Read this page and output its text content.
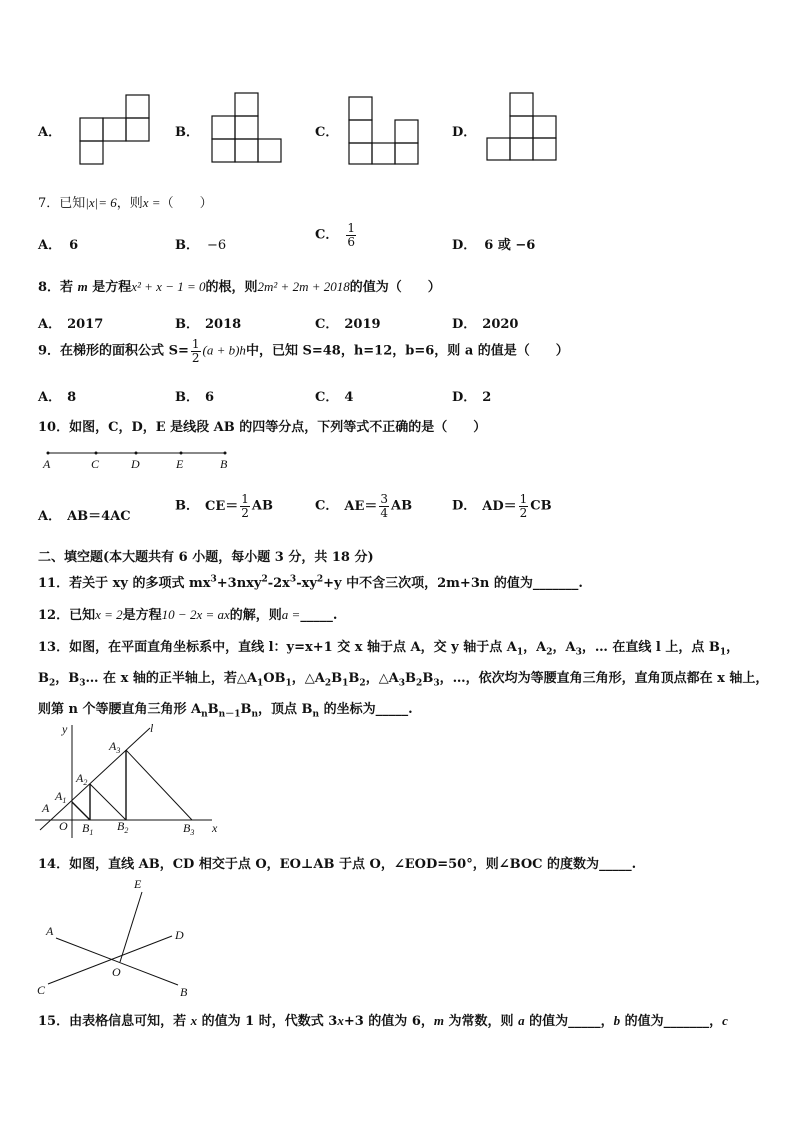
A．	B．	C．	D．
7．已知|x|= 6，则x =（　　）
A． 6	B． −6
C． $\frac{1}{6}$	D． 6 或 −6
8．若 m 是方程x² + x − 1 = 0的根，则2m² + 2m + 2018的值为（　　）
A． 2017	B． 2018	C． 2019	D． 2020
9．在梯形的面积公式 $S= \frac{1}{2} (a + b)h$中，已知 S=48，h=12，b=6，则 a 的值是（　　）
A． 8	B． 6	C． 4	D． 2
10．如图，C，D，E 是线段 AB 的四等分点，下列等式不正确的是（　　）
A	C	D	E	B
A． AB＝4AC
B． $CE= \frac{1}{2}$ AB	C． $AE= \frac{3}{4}$ AB	D． $AD= \frac{1}{2}$ CB
二、填空题(本大题共有 6 小题，每小题 3 分，共 18 分)
11．若关于 xy 的多项式 $mx^3+3nxy^2-2x^3-xy^2+y$ 中不含三次项，2m+3n 的值为_______.
12．已知x = 2是方程10 − 2x = ax的解，则a =_____.
13．如图，在平面直角坐标系中，直线 l：y=x+1 交 x 轴于点 A，交 y 轴于点 $A_1$，$A_2$，$A_3$，… 在直线 l 上，点 $B_1$，
$B_2$，$B_3\dots$ 在 x 轴的正半轴上，若$\triangle A_1OB_1$，$\triangle A_2B_1B_2$，$\triangle A_3B_2B_3$，…，依次均为等腰直角三角形，直角顶点都在 x 轴上，
则第 n 个等腰直角三角形 $A_nB_{n-1}B_n$，顶点 $B_n$ 的坐标为_____.
y
x
l
O
A
$A_1$
$A_2$
$A_3$
$B_1$ $B_2$	$B_3$
14．如图，直线 AB，CD 相交于点 O，EO⊥AB 于点 O，∠EOD=50°，则∠BOC 的度数为_____.
E
A	D
O
C	B
15．由表格信息可知，若 x 的值为 1 时，代数式 3x+3 的值为 6，m 为常数，则 a 的值为_____，b 的值为_______，c
